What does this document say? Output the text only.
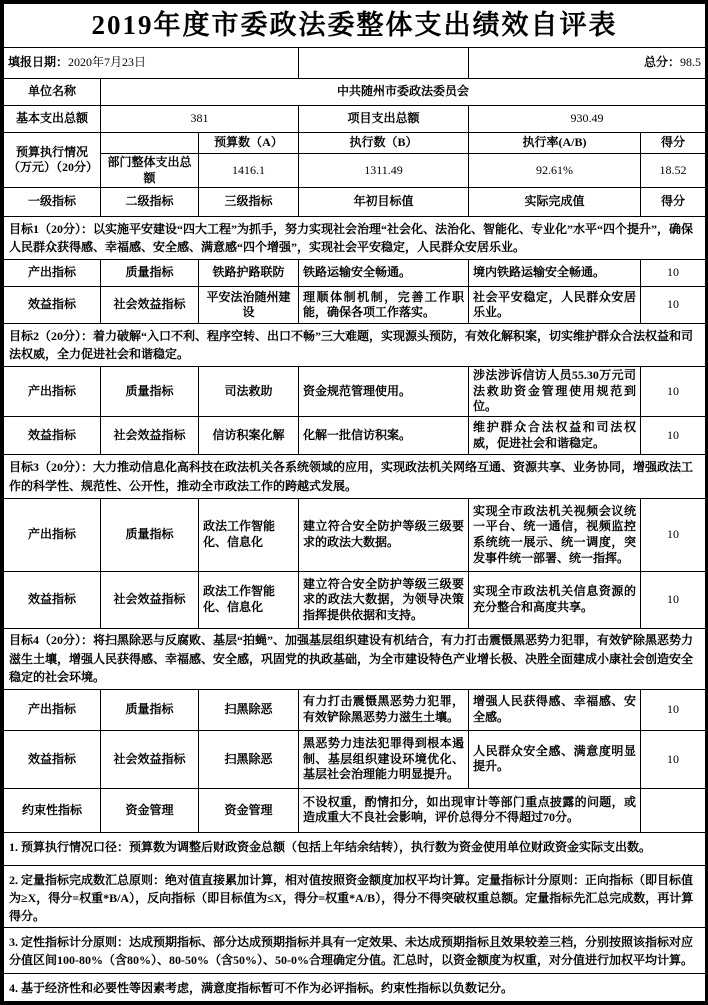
2019年度市委政法委整体支出绩效自评表					
填报日期：2020年7月23日				总分：98.5	
单位名称	中共随州市委政法委员会				
基本支出总额	381		项目支出总额	930.49	
预算执行情况（万元）（20分）		预算数（A）	执行数（B）	执行率(A/B)	得分
	部门整体支出总额	1416.1	1311.49	92.61%	18.52
一级指标	二级指标	三级指标	年初目标值	实际完成值	得分
目标1（20分）：以实施平安建设“四大工程”为抓手，努力实现社会治理“社会化、法治化、智能化、专业化”水平“四个提升”，确保人民群众获得感、幸福感、安全感、满意感“四个增强”，实现社会平安稳定，人民群众安居乐业。					
产出指标	质量指标	铁路护路联防	铁路运输安全畅通。	境内铁路运输安全畅通。	10
效益指标	社会效益指标	平安法治随州建设	理顺体制机制，完善工作职能，确保各项工作落实。	社会平安稳定，人民群众安居乐业。	10
目标2（20分）：着力破解“入口不利、程序空转、出口不畅”三大难题，实现源头预防，有效化解积案，切实维护群众合法权益和司法权威，全力促进社会和谐稳定。					
产出指标	质量指标	司法救助	资金规范管理使用。	涉法涉诉信访人员55.30万元司法救助资金管理使用规范到位。	10
效益指标	社会效益指标	信访积案化解	化解一批信访积案。	维护群众合法权益和司法权威，促进社会和谐稳定。	10
目标3（20分）：大力推动信息化高科技在政法机关各系统领域的应用，实现政法机关网络互通、资源共享、业务协同，增强政法工作的科学性、规范性、公开性，推动全市政法工作的跨越式发展。					
产出指标	质量指标	政法工作智能化、信息化	建立符合安全防护等级三级要求的政法大数据。	实现全市政法机关视频会议统一平台、统一通信，视频监控系统统一展示、统一调度，突发事件统一部署、统一指挥。	10
效益指标	社会效益指标	政法工作智能化、信息化	建立符合安全防护等级三级要求的政法大数据，为领导决策指挥提供依据和支持。	实现全市政法机关信息资源的充分整合和高度共享。	10
目标4（20分）：将扫黑除恶与反腐败、基层“拍蝇”、加强基层组织建设有机结合，有力打击震慑黑恶势力犯罪，有效铲除黑恶势力滋生土壤，增强人民获得感、幸福感、安全感，巩固党的执政基础，为全市建设特色产业增长极、决胜全面建成小康社会创造安全稳定的社会环境。					
产出指标	质量指标	扫黑除恶	有力打击震慑黑恶势力犯罪，有效铲除黑恶势力滋生土壤。	增强人民获得感、幸福感、安全感。	10
效益指标	社会效益指标	扫黑除恶	黑恶势力违法犯罪得到根本遏制、基层组织建设环境优化、基层社会治理能力明显提升。	人民群众安全感、满意度明显提升。	10
约束性指标	资金管理	资金管理	不设权重，酌情扣分，如出现审计等部门重点披露的问题，或造成重大不良社会影响，评价总得分不得超过70分。		
1. 预算执行情况口径：预算数为调整后财政资金总额（包括上年结余结转），执行数为资金使用单位财政资金实际支出数。					
2. 定量指标完成数汇总原则：绝对值直接累加计算，相对值按照资金额度加权平均计算。定量指标计分原则：正向指标（即目标值为≥X，得分=权重*B/A），反向指标（即目标值为≤X，得分=权重*A/B），得分不得突破权重总额。定量指标先汇总完成数，再计算得分。					
3. 定性指标计分原则：达成预期指标、部分达成预期指标并具有一定效果、未达成预期指标且效果较差三档，分别按照该指标对应分值区间100-80%（含80%）、80-50%（含50%）、50-0%合理确定分值。汇总时，以资金额度为权重，对分值进行加权平均计算。					
4. 基于经济性和必要性等因素考虑，满意度指标暂可不作为必评指标。约束性指标以负数记分。					
